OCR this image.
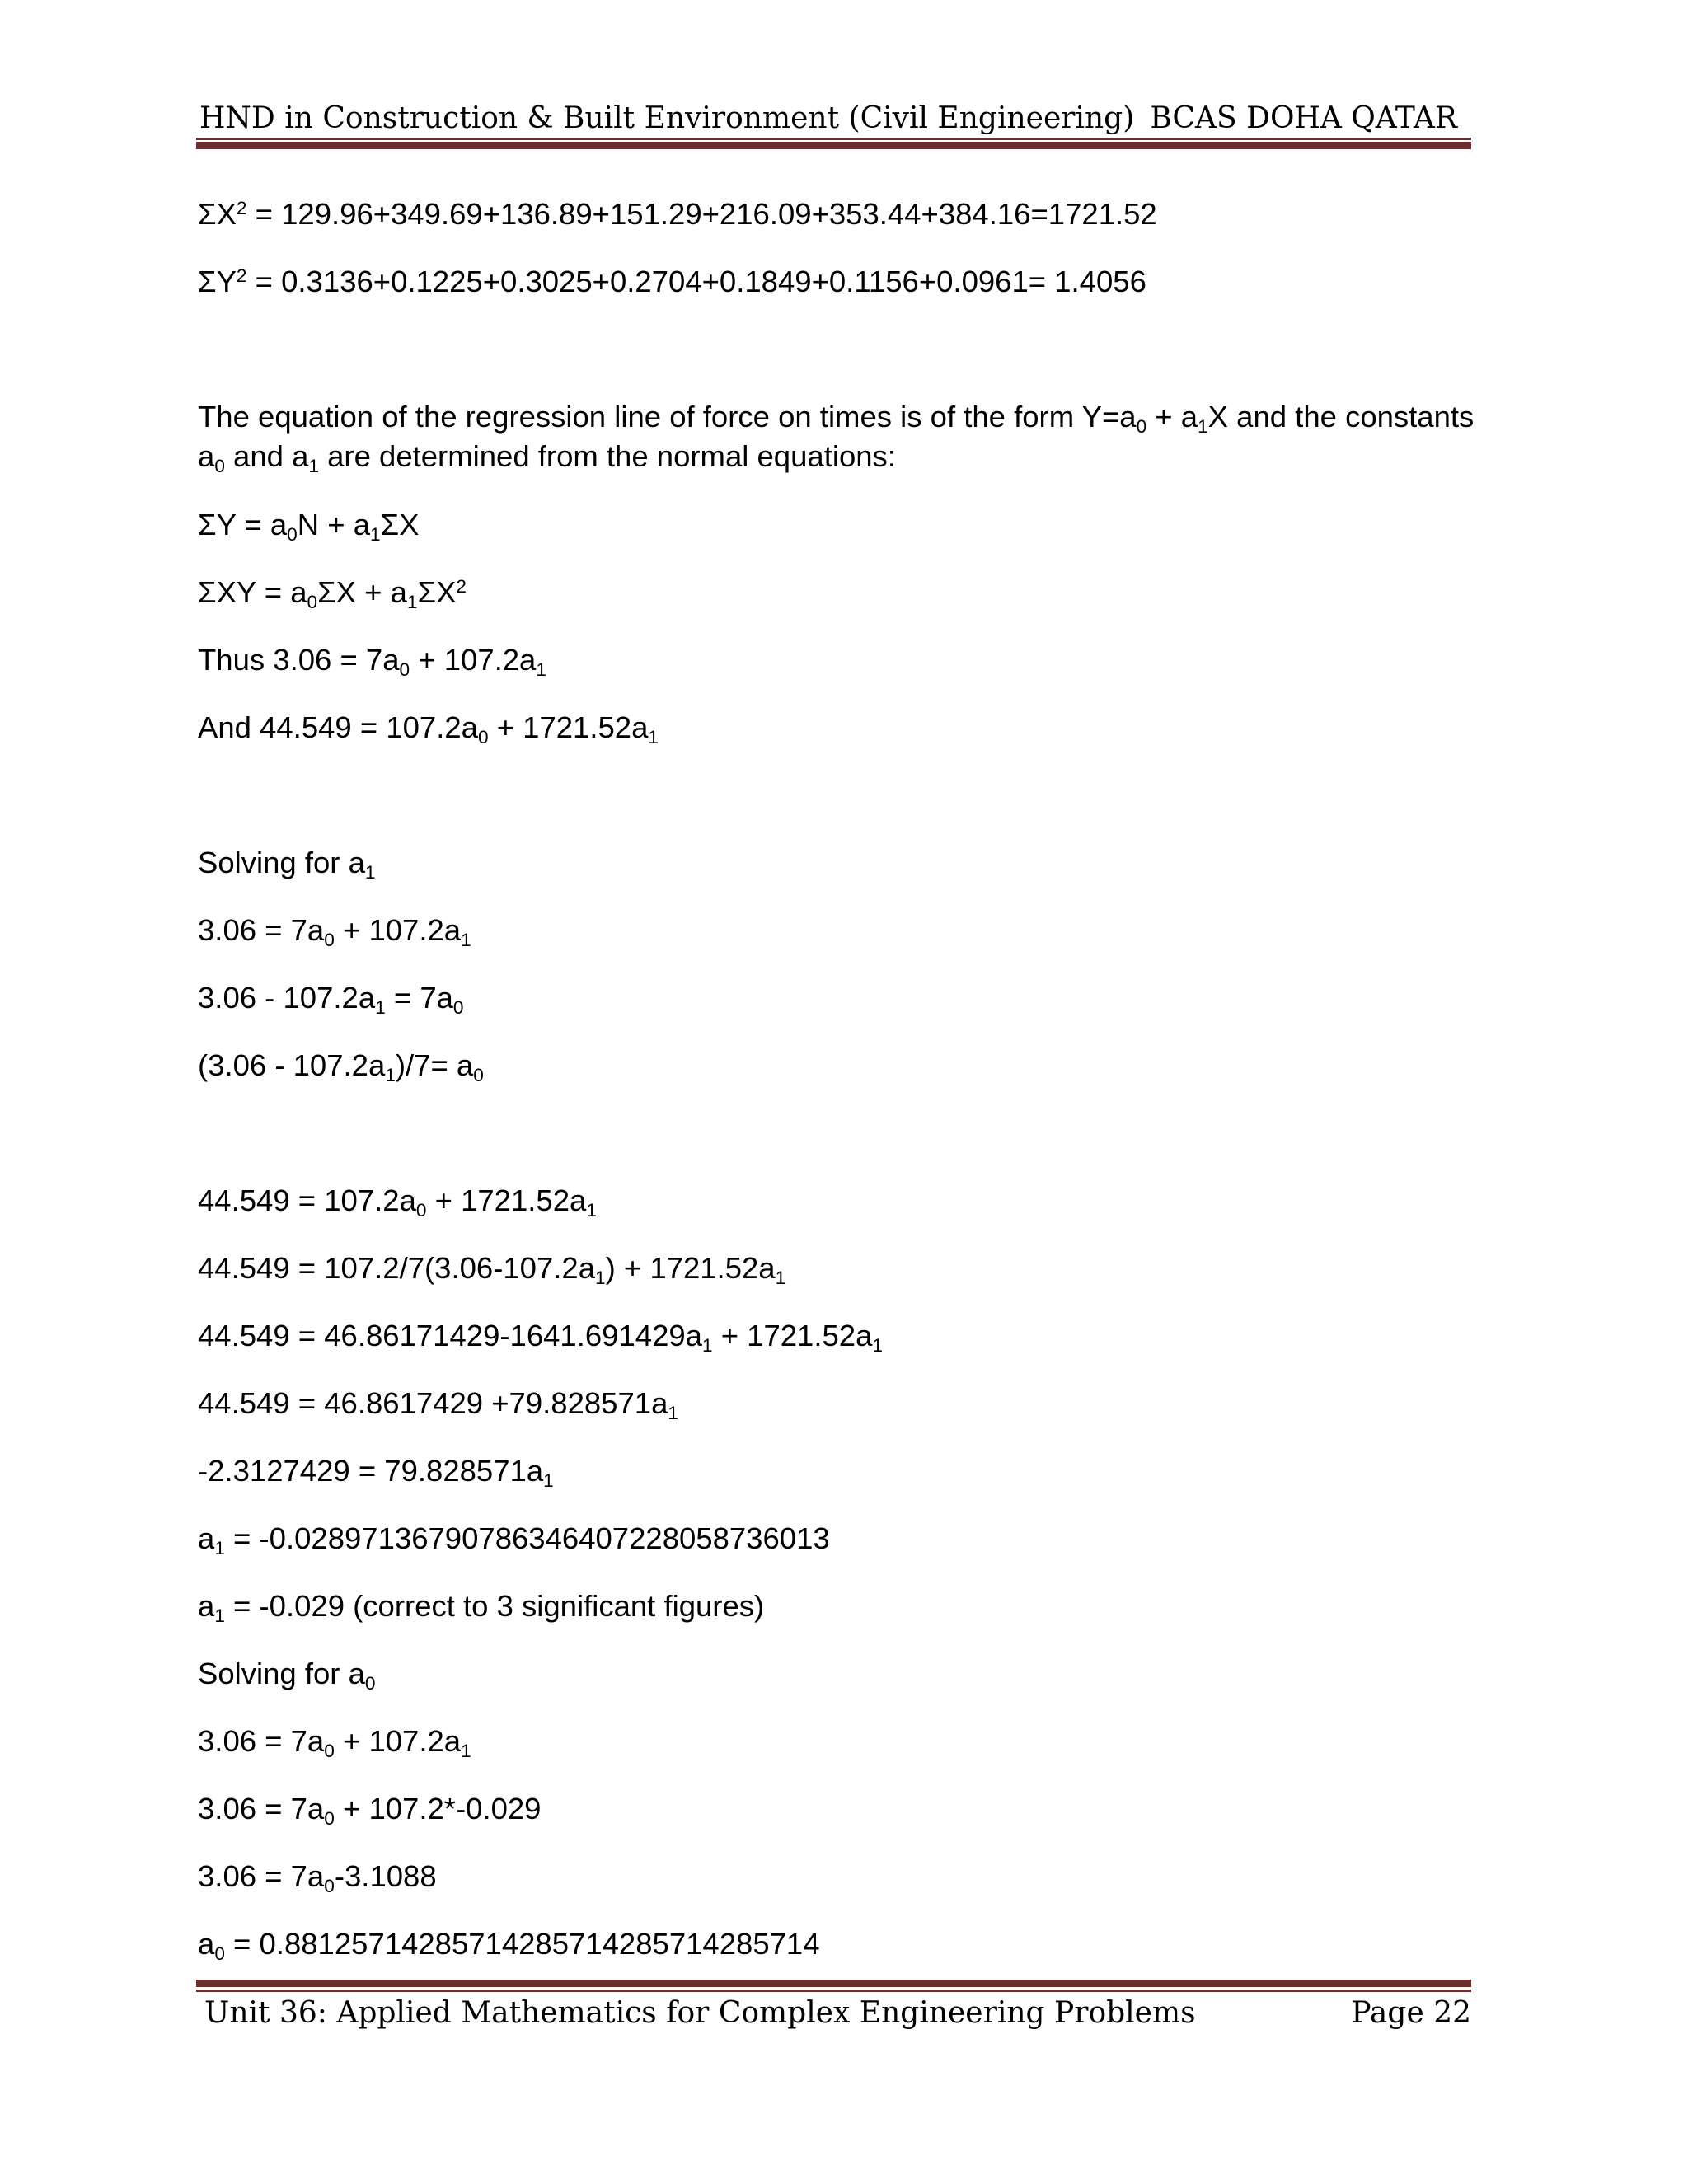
HND in Construction & Built Environment (Civil Engineering) BCAS DOHA QATAR
$\Sigma X^2 = 129.96+349.69+136.89+151.29+216.09+353.44+384.16=1721.52$
$\Sigma Y^2 = 0.3136+0.1225+0.3025+0.2704+0.1849+0.1156+0.0961= 1.4056$
The equation of the regression line of force on times is of the form $Y=a_0 + a_1X$ and the constants $a_0$ and $a_1$ are determined from the normal equations:
$\Sigma Y = a_0N + a_1\Sigma X$
$\Sigma XY = a_0\Sigma X + a_1\Sigma X^2$
Thus $3.06 = 7a_0 + 107.2a_1$
And $44.549 = 107.2a_0 + 1721.52a_1$
Solving for $a_1$
$3.06 = 7a_0 + 107.2a_1$
$3.06 - 107.2a_1 = 7a_0$
$(3.06 - 107.2a_1)/7= a_0$
$44.549 = 107.2a_0 + 1721.52a_1$
$44.549 = 107.2/7(3.06-107.2a_1) + 1721.52a_1$
$44.549 = 46.86171429-1641.691429a_1 + 1721.52a_1$
$44.549 = 46.8617429 +79.828571a_1$
$-2.3127429 = 79.828571a_1$
$a_1$ = -0.028971367907863464072280587360​13
$a_1 = -0.029$ (correct to 3 significant figures)
Solving for $a_0$
$3.06 = 7a_0 + 107.2a_1$
$3.06 = 7a_0 + 107.2*-0.029$
$3.06 = 7a_0-3.1088$
$a_0 = 0.88125714285714285714285714285714$
Unit 36: Applied Mathematics for Complex Engineering Problems	Page 22
